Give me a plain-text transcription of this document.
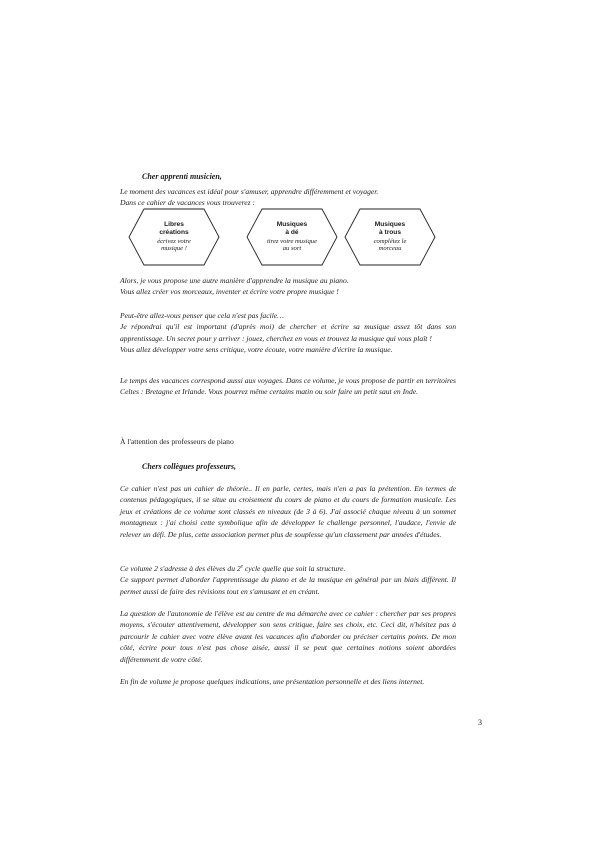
Cher apprenti musicien,

Le moment des vacances est idéal pour s'amuser, apprendre différemment et voyager.

Dans ce cahier de vacances vous trouverez :

Libres
créations
écrivez votre
musique !
Musiques
à dé
tirez votre musique
au sort
Musiques
à trous
complétez le
morceau

Alors, je vous propose une autre manière d'apprendre la musique au piano.

Vous allez créer vos morceaux, inventer et écrire votre propre musique !

Peut-être allez-vous penser que cela n'est pas facile…

Je répondrai qu'il est important (d'après moi) de chercher et écrire sa musique assez tôt dans son apprentissage. Un secret pour y arriver : jouez, cherchez en vous et trouvez la musique qui vous plaît !

Vous allez développer votre sens critique, votre écoute, votre manière d'écrire la musique.

Le temps des vacances correspond aussi aux voyages. Dans ce volume, je vous propose de partir en territoires Celtes : Bretagne et Irlande. Vous pourrez même certains matin ou soir faire un petit saut en Inde.

À l'attention des professeurs de piano
Chers collègues professeurs,

Ce cahier n'est pas un cahier de théorie.. Il en parle, certes, mais n'en a pas la prétention. En termes de contenus pédagogiques, il se situe au croisement du cours de piano et du cours de formation musicale. Les jeux et créations de ce volume sont classés en niveaux (de 3 à 6). J'ai associé chaque niveau à un sommet montagneux : j'ai choisi cette symbolique afin de développer le challenge personnel, l'audace, l'envie de relever un défi. De plus, cette association permet plus de souplesse qu'un classement par années d'études.

Ce volume 2 s'adresse à des élèves du 2e cycle quelle que soit la structure.

Ce support permet d'aborder l'apprentissage du piano et de la musique en général par un biais différent. Il permet aussi de faire des révisions tout en s'amusant et en créant.

La question de l'autonomie de l'élève est au centre de ma démarche avec ce cahier : chercher par ses propres moyens, s'écouter attentivement, développer son sens critique, faire ses choix, etc. Ceci dit, n'hésitez pas à parcourir le cahier avec votre élève avant les vacances afin d'aborder ou préciser certains points. De mon côté, écrire pour tous n'est pas chose aisée, aussi il se peut que certaines notions soient abordées différemment de votre côté.

En fin de volume je propose quelques indications, une présentation personnelle et des liens internet.

3
